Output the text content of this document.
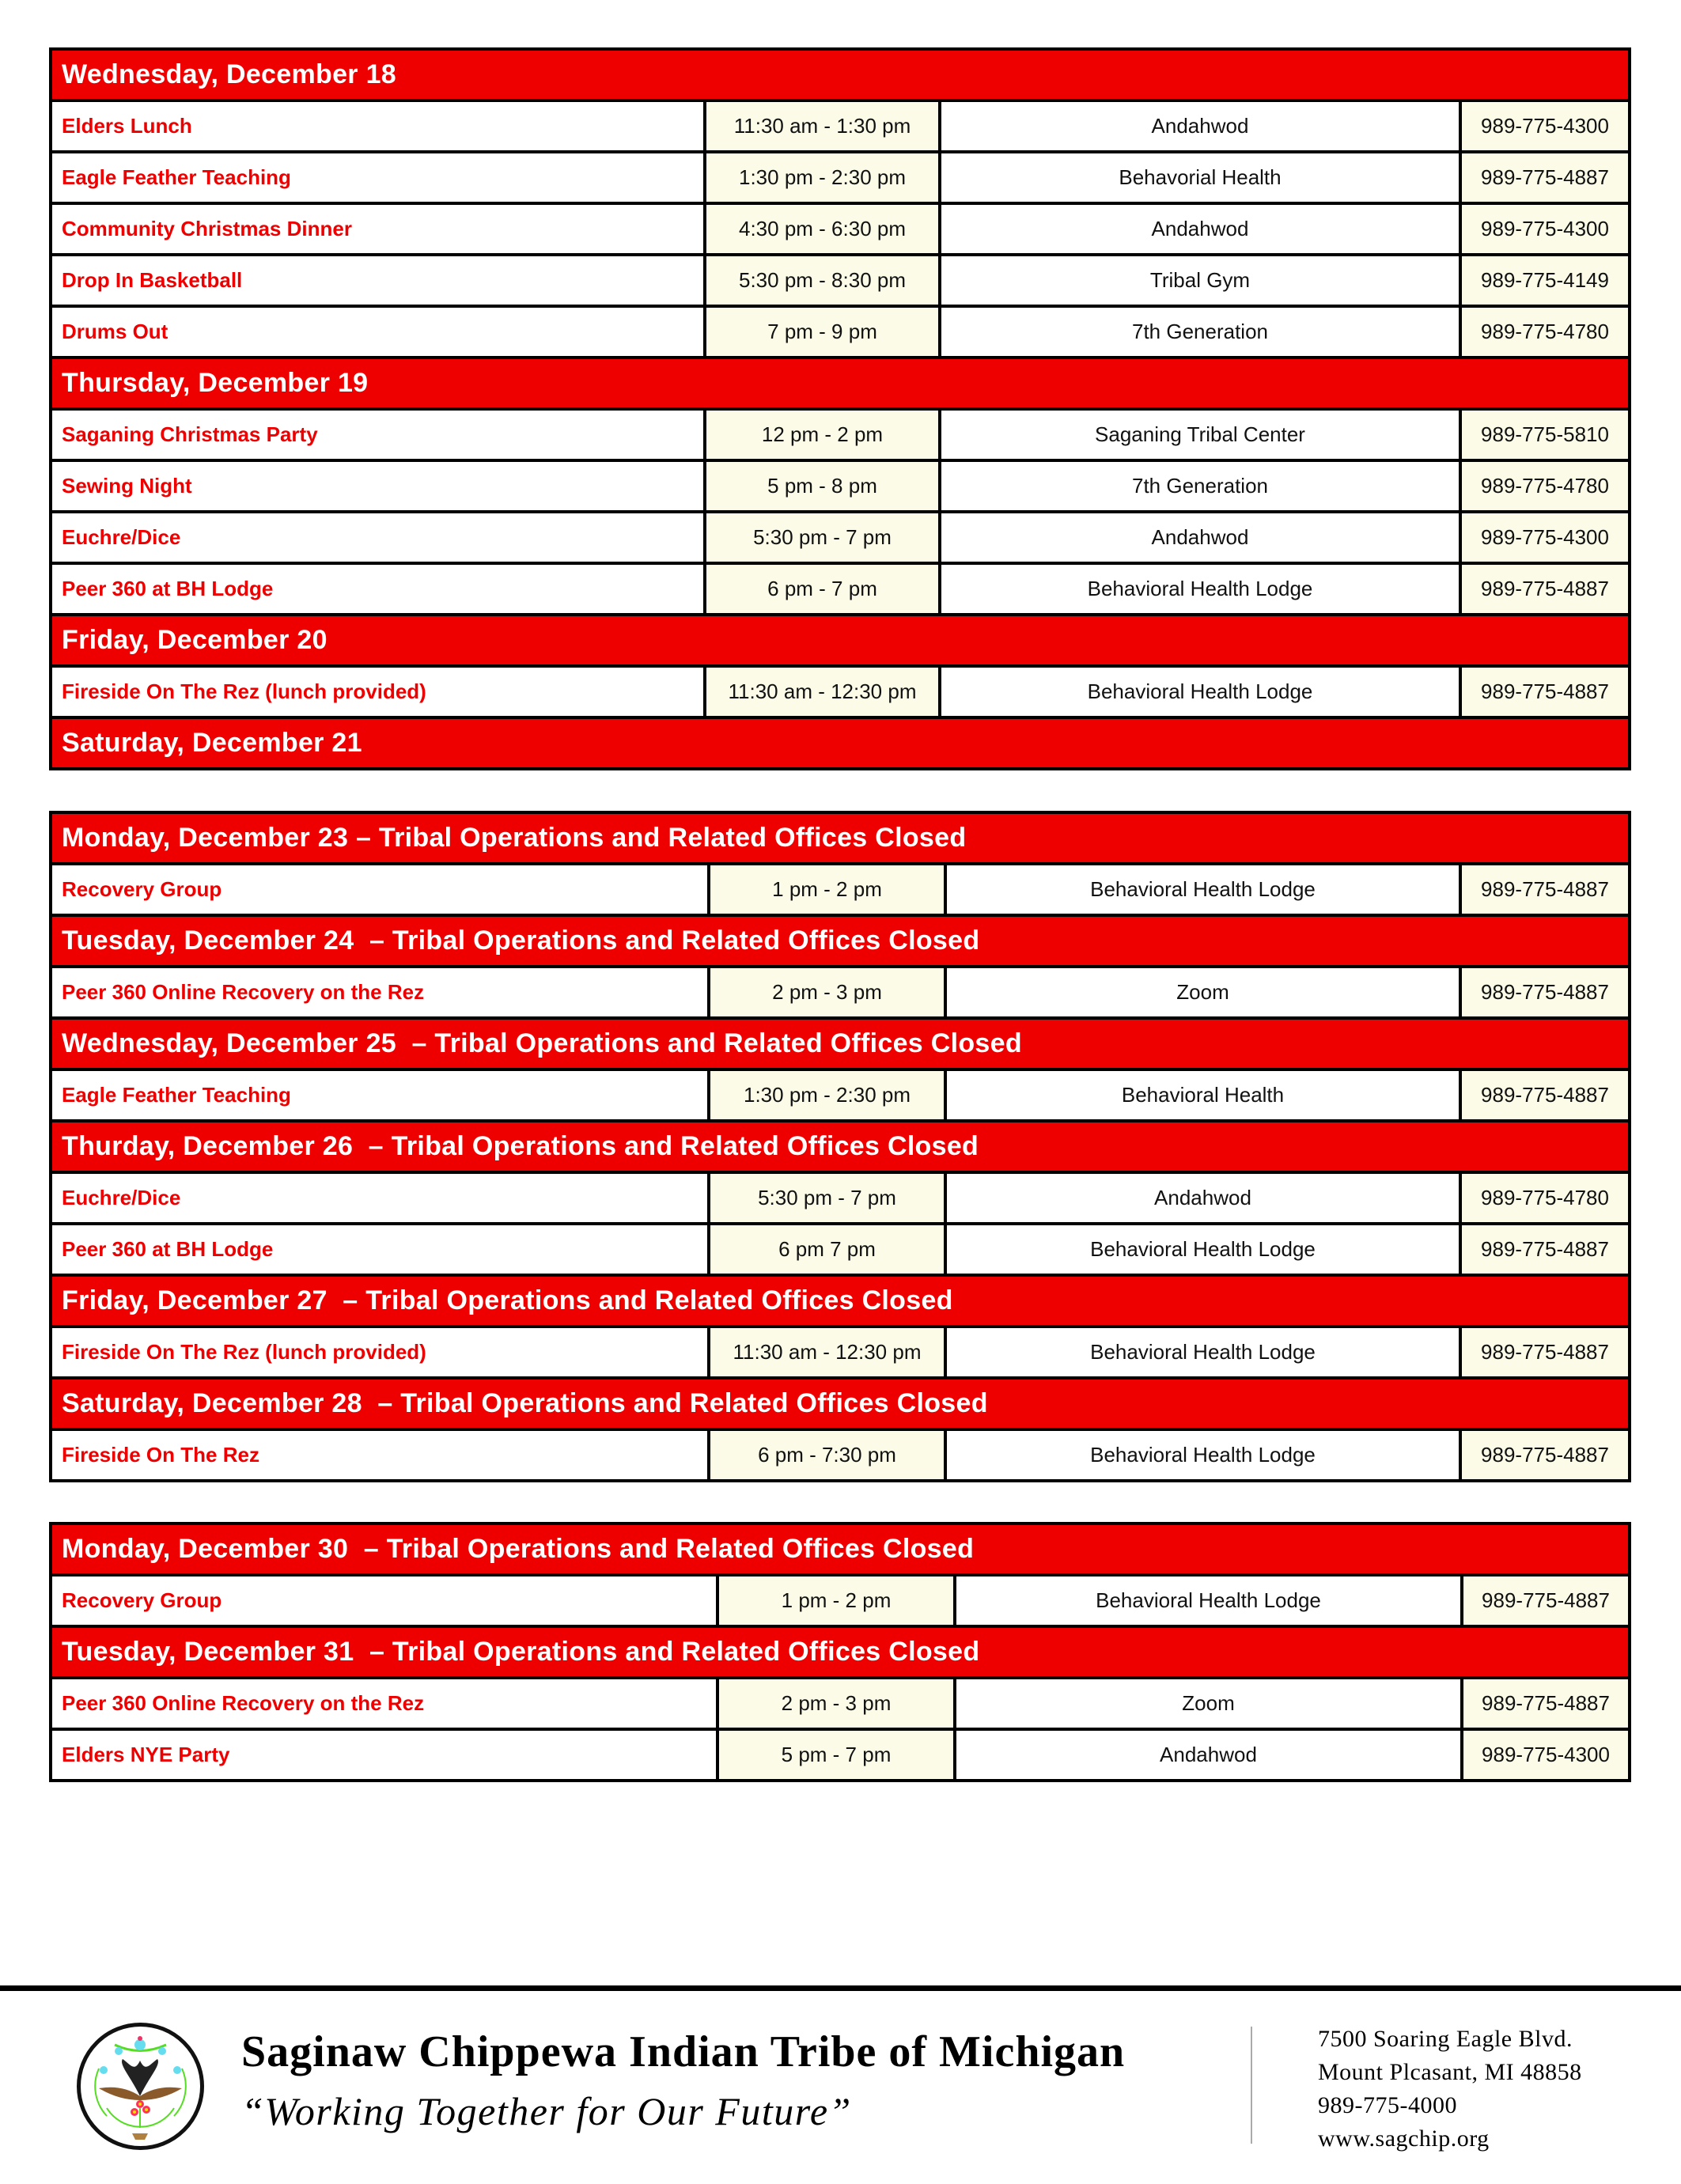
Wednesday, December 18
Elders Lunch	11:30 am - 1:30 pm	Andahwod	989-775-4300
Eagle Feather Teaching	1:30 pm - 2:30 pm	Behavorial Health	989-775-4887
Community Christmas Dinner	4:30 pm - 6:30 pm	Andahwod	989-775-4300
Drop In Basketball	5:30 pm - 8:30 pm	Tribal Gym	989-775-4149
Drums Out	7 pm - 9 pm	7th Generation	989-775-4780
Thursday, December 19
Saganing Christmas Party	12 pm - 2 pm	Saganing Tribal Center	989-775-5810
Sewing Night	5 pm - 8 pm	7th Generation	989-775-4780
Euchre/Dice	5:30 pm - 7 pm	Andahwod	989-775-4300
Peer 360 at BH Lodge	6 pm - 7 pm	Behavioral Health Lodge	989-775-4887
Friday, December 20
Fireside On The Rez (lunch provided)	11:30 am - 12:30 pm	Behavioral Health Lodge	989-775-4887
Saturday, December 21
Monday, December 23 – Tribal Operations and Related Offices Closed
Recovery Group	1 pm - 2 pm	Behavioral Health Lodge	989-775-4887
Tuesday, December 24  – Tribal Operations and Related Offices Closed
Peer 360 Online Recovery on the Rez	2 pm - 3 pm	Zoom	989-775-4887
Wednesday, December 25  – Tribal Operations and Related Offices Closed
Eagle Feather Teaching	1:30 pm - 2:30 pm	Behavioral Health	989-775-4887
Thurday, December 26  – Tribal Operations and Related Offices Closed
Euchre/Dice	5:30 pm - 7 pm	Andahwod	989-775-4780
Peer 360 at BH Lodge	6 pm 7 pm	Behavioral Health Lodge	989-775-4887
Friday, December 27  – Tribal Operations and Related Offices Closed
Fireside On The Rez (lunch provided)	11:30 am - 12:30 pm	Behavioral Health Lodge	989-775-4887
Saturday, December 28  – Tribal Operations and Related Offices Closed
Fireside On The Rez	6 pm - 7:30 pm	Behavioral Health Lodge	989-775-4887
Monday, December 30  – Tribal Operations and Related Offices Closed
Recovery Group	1 pm - 2 pm	Behavioral Health Lodge	989-775-4887
Tuesday, December 31  – Tribal Operations and Related Offices Closed
Peer 360 Online Recovery on the Rez	2 pm - 3 pm	Zoom	989-775-4887
Elders NYE Party	5 pm - 7 pm	Andahwod	989-775-4300
Saginaw Chippewa Indian Tribe of Michigan
“Working Together for Our Future”
7500 Soaring Eagle Blvd.
Mount Plcasant, MI 48858
989-775-4000
www.sagchip.org
